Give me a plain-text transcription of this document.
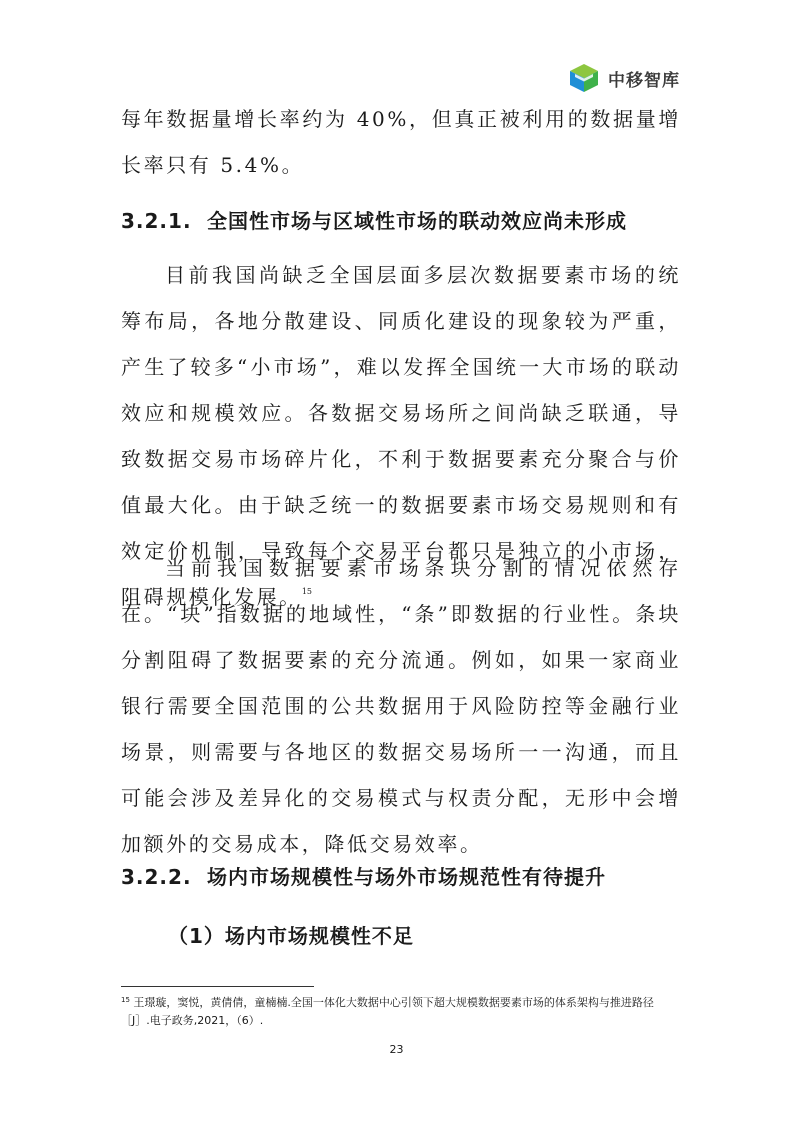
中移智库

每年数据量增长率约为 40%，但真正被利用的数据量增长率只有 5.4%。

3.2.1. 全国性市场与区域性市场的联动效应尚未形成

目前我国尚缺乏全国层面多层次数据要素市场的统筹布局，各地分散建设、同质化建设的现象较为严重，产生了较多“小市场”，难以发挥全国统一大市场的联动效应和规模效应。各数据交易场所之间尚缺乏联通，导致数据交易市场碎片化，不利于数据要素充分聚合与价值最大化。由于缺乏统一的数据要素市场交易规则和有效定价机制，导致每个交易平台都只是独立的小市场，阻碍规模化发展。$^{15}$

当前我国数据要素市场条块分割的情况依然存在。“块”指数据的地域性，“条”即数据的行业性。条块分割阻碍了数据要素的充分流通。例如，如果一家商业银行需要全国范围的公共数据用于风险防控等金融行业场景，则需要与各地区的数据交易场所一一沟通，而且可能会涉及差异化的交易模式与权责分配，无形中会增加额外的交易成本，降低交易效率。

3.2.2. 场内市场规模性与场外市场规范性有待提升
（1）场内市场规模性不足

$^{15}$ 王璟璇，窦悦，黄倩倩，童楠楠.全国一体化大数据中心引领下超大规模数据要素市场的体系架构与推进路径［J］.电子政务,2021，（6）.

23
